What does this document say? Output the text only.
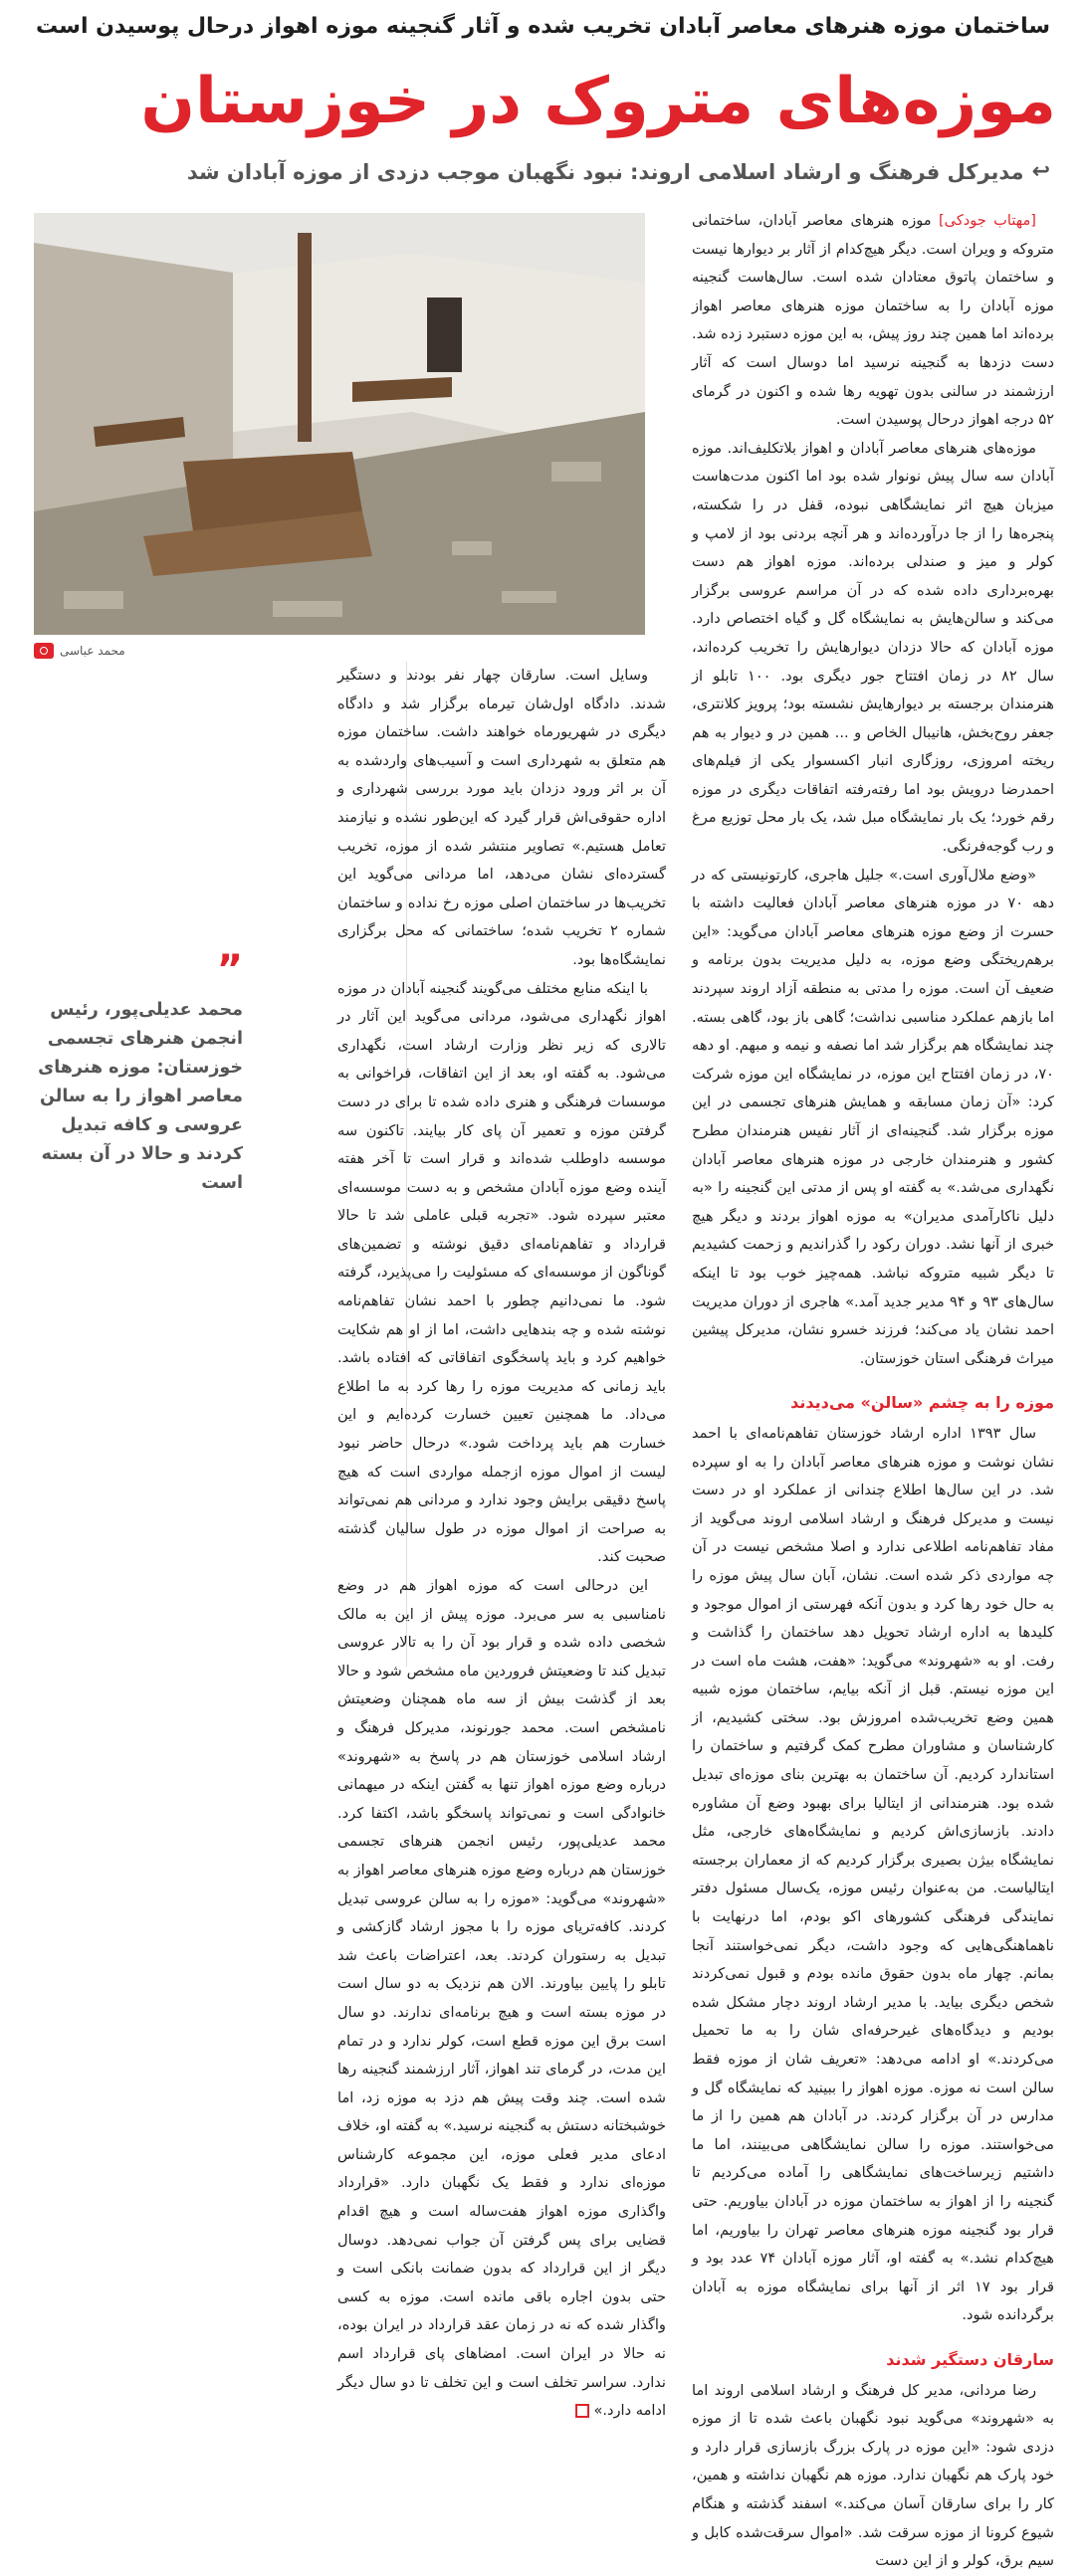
ساختمان موزه هنرهای معاصر آبادان تخریب شده و آثار گنجینه موزه اهواز درحال پوسیدن است
موزه‌های متروک در خوزستان
↩
مدیرکل فرهنگ و ارشاد اسلامی اروند: نبود نگهبان موجب دزدی از موزه آبادان شد
محمد عباسی

[مهتاب جودکی] موزه هنرهای معاصر آبادان، ساختمانی متروکه و ویران است. دیگر هیچ‌کدام از آثار بر دیوارها نیست و ساختمان پاتوق معتادان شده است. سال‌هاست گنجینه موزه آبادان را به ساختمان موزه هنرهای معاصر اهواز برده‌اند اما همین چند روز پیش، به این موزه دستبرد زده شد. دست دزدها به گنجینه نرسید اما دوسال است که آثار ارزشمند در سالنی بدون تهویه رها شده و اکنون در گرمای ۵۲ درجه اهواز درحال پوسیدن است.

موزه‌های هنرهای معاصر آبادان و اهواز بلاتکلیف‌اند. موزه آبادان سه سال پیش نونوار شده بود اما اکنون مدت‌هاست میزبان هیچ اثر نمایشگاهی نبوده، قفل در را شکسته، پنجره‌ها را از جا درآورده‌اند و هر آنچه بردنی بود از لامپ و کولر و میز و صندلی برده‌اند. موزه اهواز هم دست بهره‌برداری داده شده که در آن مراسم عروسی برگزار می‌کند و سالن‌هایش به نمایشگاه گل و گیاه اختصاص دارد. موزه آبادان که حالا دزدان دیوارهایش را تخریب کرده‌اند، سال ۸۲ در زمان افتتاح جور دیگری بود. ۱۰۰ تابلو از هنرمندان برجسته بر دیوارهایش نشسته بود؛ پرویز کلانتری، جعفر روح‌بخش، هانیبال الخاص و ... همین در و دیوار به هم ریخته امروزی، روزگاری انبار اکسسوار یکی از فیلم‌های احمدرضا درویش بود اما رفته‌رفته اتفاقات دیگری در موزه رقم خورد؛ یک بار نمایشگاه مبل شد، یک بار محل توزیع مرغ و رب گوجه‌فرنگی.

«وضع ملال‌آوری است.» جلیل هاجری، کارتونیستی که در دهه ۷۰ در موزه هنرهای معاصر آبادان فعالیت داشته با حسرت از وضع موزه هنرهای معاصر آبادان می‌گوید: «این برهم‌ریختگی وضع موزه، به دلیل مدیریت بدون برنامه و ضعیف آن است. موزه را مدتی به منطقه آزاد اروند سپردند اما بازهم عملکرد مناسبی نداشت؛ گاهی باز بود، گاهی بسته. چند نمایشگاه هم برگزار شد اما نصفه و نیمه و مبهم. او دهه ۷۰، در زمان افتتاح این موزه، در نمایشگاه این موزه شرکت کرد: «آن زمان مسابقه و همایش هنرهای تجسمی در این موزه برگزار شد. گنجینه‌ای از آثار نفیس هنرمندان مطرح کشور و هنرمندان خارجی در موزه هنرهای معاصر آبادان نگهداری می‌شد.» به گفته او پس از مدتی این گنجینه را «به دلیل ناکارآمدی مدیران» به موزه اهواز بردند و دیگر هیچ خبری از آنها نشد. دوران رکود را گذراندیم و زحمت کشیدیم تا دیگر شبیه متروکه نباشد. همه‌چیز خوب بود تا اینکه سال‌های ۹۳ و ۹۴ مدیر جدید آمد.» هاجری از دوران مدیریت احمد نشان یاد می‌کند؛ فرزند خسرو نشان، مدیرکل پیشین میراث فرهنگی استان خوزستان.

موزه را به چشم «سالن» می‌دیدند

سال ۱۳۹۳ اداره ارشاد خوزستان تفاهم‌نامه‌ای با احمد نشان نوشت و موزه هنرهای معاصر آبادان را به او سپرده شد. در این سال‌ها اطلاع چندانی از عملکرد او در دست نیست و مدیرکل فرهنگ و ارشاد اسلامی اروند می‌گوید از مفاد تفاهم‌نامه اطلاعی ندارد و اصلا مشخص نیست در آن چه مواردی ذکر شده است. نشان، آبان سال پیش موزه را به حال خود رها کرد و بدون آنکه فهرستی از اموال موجود و کلیدها به اداره ارشاد تحویل دهد ساختمان را گذاشت و رفت. او به «شهروند» می‌گوید: «هفت، هشت ماه است در این موزه نیستم. قبل از آنکه بیایم، ساختمان موزه شبیه همین وضع تخریب‌شده امروزش بود. سختی کشیدیم، از کارشناسان و مشاوران مطرح کمک گرفتیم و ساختمان را استاندارد کردیم. آن ساختمان به بهترین بنای موزه‌ای تبدیل شده بود. هنرمندانی از ایتالیا برای بهبود وضع آن مشاوره دادند. بازسازی‌اش کردیم و نمایشگاه‌های خارجی، مثل نمایشگاه بیژن بصیری برگزار کردیم که از معماران برجسته ایتالیاست. من به‌عنوان رئیس موزه، یک‌سال مسئول دفتر نمایندگی فرهنگی کشورهای اکو بودم، اما درنهایت با ناهماهنگی‌هایی که وجود داشت، دیگر نمی‌خواستند آنجا بمانم. چهار ماه بدون حقوق مانده بودم و قبول نمی‌کردند شخص دیگری بیاید. با مدیر ارشاد اروند دچار مشکل شده بودیم و دیدگاه‌های غیرحرفه‌ای شان را به ما تحمیل می‌کردند.» او ادامه می‌دهد: «تعریف شان از موزه فقط سالن است نه موزه. موزه اهواز را ببینید که نمایشگاه گل و مدارس در آن برگزار کردند. در آبادان هم همین را از ما می‌خواستند. موزه را سالن نمایشگاهی می‌بینند، اما ما داشتیم زیرساخت‌های نمایشگاهی را آماده می‌کردیم تا گنجینه را از اهواز به ساختمان موزه در آبادان بیاوریم. حتی قرار بود گنجینه موزه هنرهای معاصر تهران را بیاوریم، اما هیچ‌کدام نشد.» به گفته او، آثار موزه آبادان ۷۴ عدد بود و قرار بود ۱۷ اثر از آنها برای نمایشگاه موزه به آبادان برگردانده شود.

سارقان دستگیر شدند

رضا مردانی، مدیر کل فرهنگ و ارشاد اسلامی اروند اما به «شهروند» می‌گوید نبود نگهبان باعث شده تا از موزه دزدی شود: «این موزه در پارک بزرگ بازسازی قرار دارد و خود پارک هم نگهبان ندارد. موزه هم نگهبان نداشته و همین، کار را برای سارقان آسان می‌کند.» اسفند گذشته و هنگام شیوع کرونا از موزه سرقت شد. «اموال سرقت‌شده کابل و سیم برق، کولر و از این دست

وسایل است. سارقان چهار نفر بودند و دستگیر شدند. دادگاه اول‌شان تیرماه برگزار شد و دادگاه دیگری در شهریورماه خواهند داشت. ساختمان موزه هم متعلق به شهرداری است و آسیب‌های واردشده به آن بر اثر ورود دزدان باید مورد بررسی شهرداری و اداره حقوقی‌اش قرار گیرد که این‌طور نشده و نیازمند تعامل هستیم.» تصاویر منتشر شده از موزه، تخریب گسترده‌ای نشان می‌دهد، اما مردانی می‌گوید این تخریب‌ها در ساختمان اصلی موزه رخ نداده و ساختمان شماره ۲ تخریب شده؛ ساختمانی که محل برگزاری نمایشگاه‌ها بود.

با اینکه منابع مختلف می‌گویند گنجینه آبادان در موزه اهواز نگهداری می‌شود، مردانی می‌گوید این آثار در تالاری که زیر نظر وزارت ارشاد است، نگهداری می‌شود. به گفته او، بعد از این اتفاقات، فراخوانی به موسسات فرهنگی و هنری داده شده تا برای در دست گرفتن موزه و تعمیر آن پای کار بیایند. تاکنون سه موسسه داوطلب شده‌اند و قرار است تا آخر هفته آینده وضع موزه آبادان مشخص و به دست موسسه‌ای معتبر سپرده شود. «تجربه قبلی عاملی شد تا حالا قرارداد و تفاهم‌نامه‌ای دقیق نوشته و تضمین‌های گوناگون از موسسه‌ای که مسئولیت را می‌پذیرد، گرفته شود. ما نمی‌دانیم چطور با احمد نشان تفاهم‌نامه نوشته شده و چه بندهایی داشت، اما از او هم شکایت خواهیم کرد و باید پاسخگوی اتفاقاتی که افتاده باشد. باید زمانی که مدیریت موزه را رها کرد به ما اطلاع می‌داد. ما همچنین تعیین خسارت کرده‌ایم و این خسارت هم باید پرداخت شود.» درحال حاضر نبود لیست از اموال موزه ازجمله مواردی است که هیچ پاسخ دقیقی برایش وجود ندارد و مردانی هم نمی‌تواند به صراحت از اموال موزه در طول سالیان گذشته صحبت کند.

این درحالی است که موزه اهواز هم در وضع نامناسبی به سر می‌برد. موزه پیش از این به مالک شخصی داده شده و قرار بود آن را به تالار عروسی تبدیل کند تا وضعیتش فروردین ماه مشخص شود و حالا بعد از گذشت بیش از سه ماه همچنان وضعیتش نامشخص است. محمد جورنوند، مدیرکل فرهنگ و ارشاد اسلامی خوزستان هم در پاسخ به «شهروند» درباره وضع موزه اهواز تنها به گفتن اینکه در میهمانی خانوادگی است و نمی‌تواند پاسخگو باشد، اکتفا کرد. محمد عدیلی‌پور، رئیس انجمن هنرهای تجسمی خوزستان هم درباره وضع موزه هنرهای معاصر اهواز به «شهروند» می‌گوید: «موزه را به سالن عروسی تبدیل کردند. کافه‌تریای موزه را با مجوز ارشاد گازکشی و تبدیل به رستوران کردند. بعد، اعتراضات باعث شد تابلو را پایین بیاورند. الان هم نزدیک به دو سال است در موزه بسته است و هیچ برنامه‌ای ندارند. دو سال است برق این موزه قطع است، کولر ندارد و در تمام این مدت، در گرمای تند اهواز، آثار ارزشمند گنجینه رها شده است. چند وقت پیش هم دزد به موزه زد، اما خوشبختانه دستش به گنجینه نرسید.» به گفته او، خلاف ادعای مدیر فعلی موزه، این مجموعه کارشناس موزه‌ای ندارد و فقط یک نگهبان دارد. «قرارداد واگذاری موزه اهواز هفت‌ساله است و هیچ اقدام قضایی برای پس گرفتن آن جواب نمی‌دهد. دوسال دیگر از این قرارداد که بدون ضمانت بانکی است و حتی بدون اجاره باقی مانده است. موزه به کسی واگذار شده که نه در زمان عقد قرارداد در ایران بوده، نه حالا در ایران است. امضاهای پای قرارداد اسم ندارد. سراسر تخلف است و این تخلف تا دو سال دیگر ادامه دارد.»

”
محمد عدیلی‌پور، رئیس انجمن هنرهای تجسمی خوزستان: موزه هنرهای معاصر اهواز را به سالن عروسی و کافه تبدیل کردند و حالا در آن بسته است
